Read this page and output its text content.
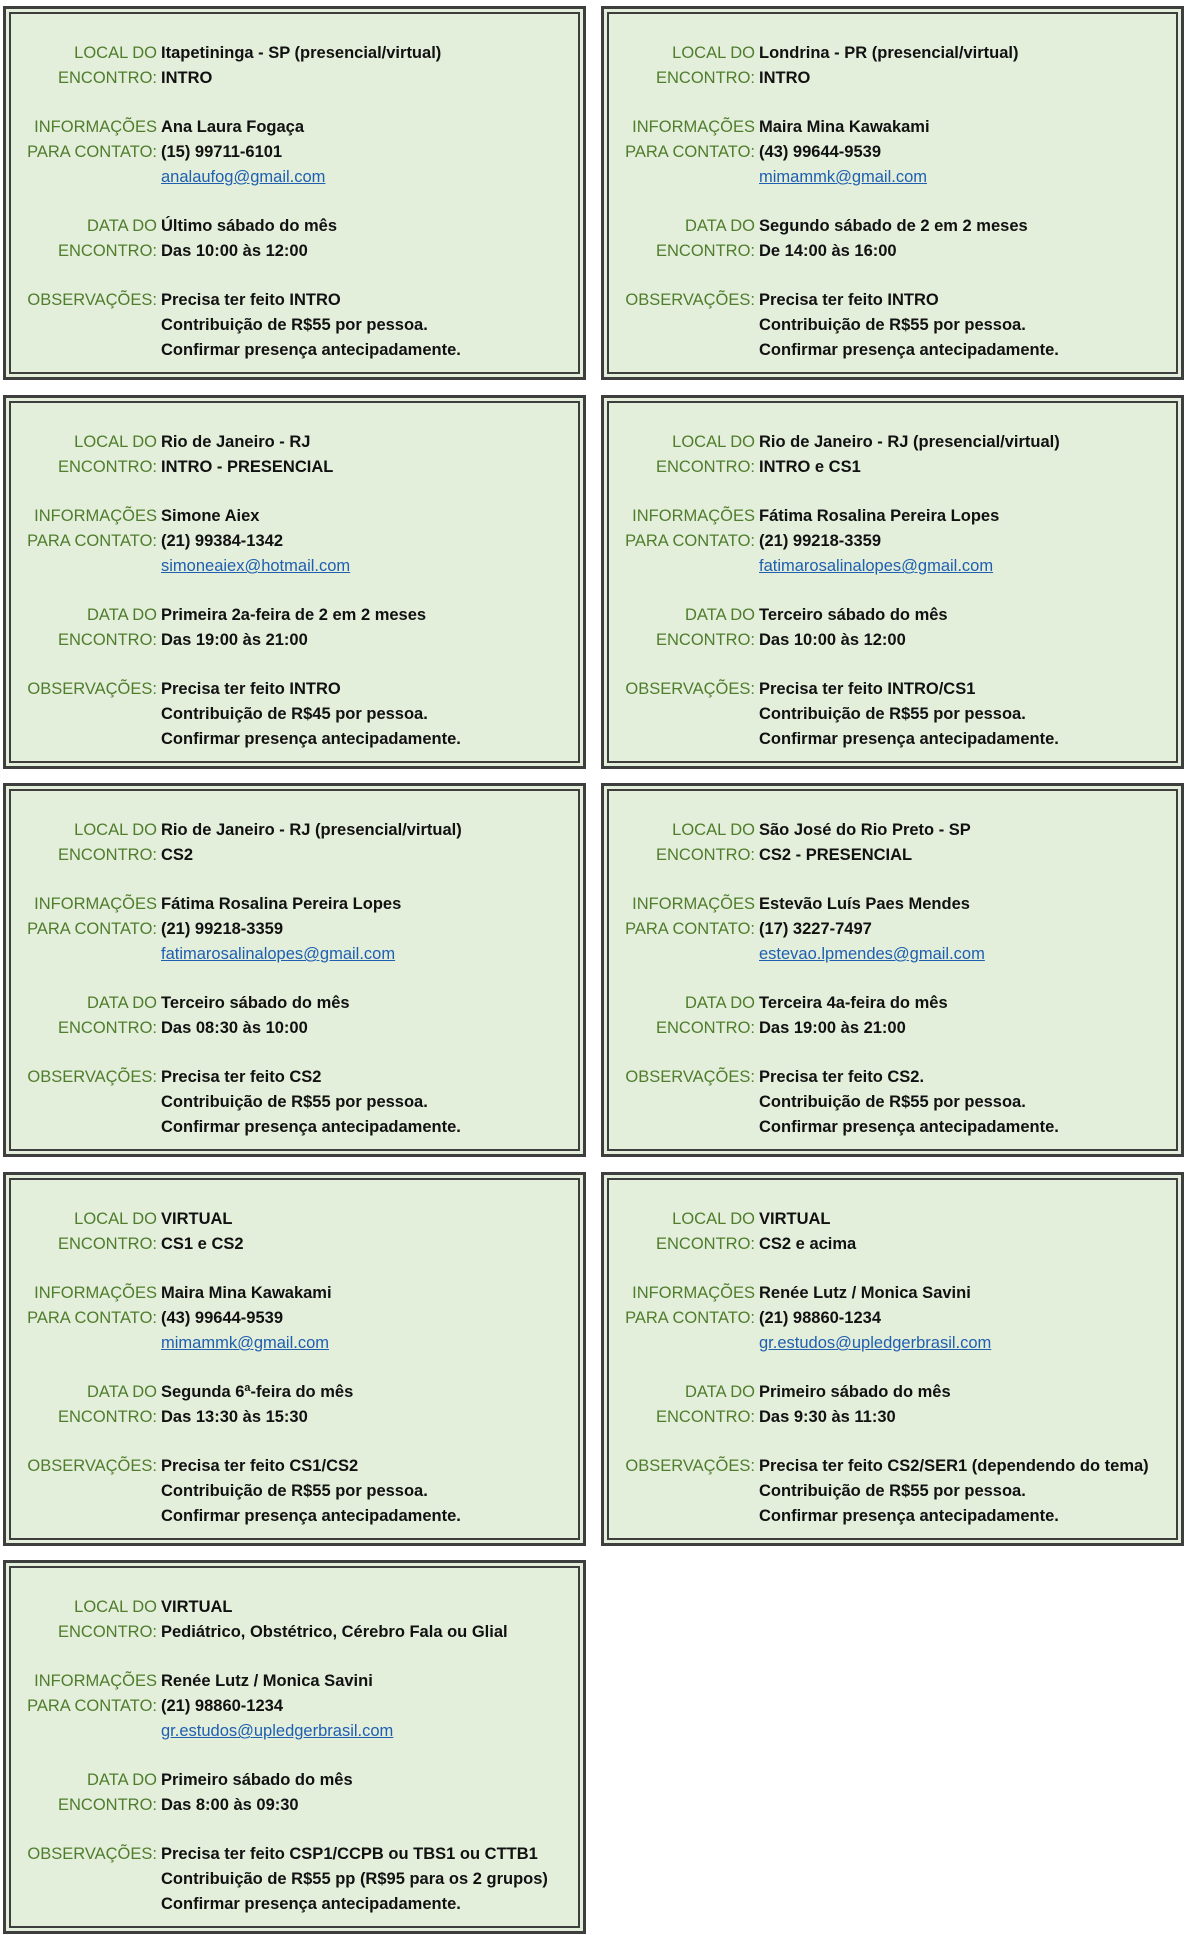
LOCAL DO Itapetininga - SP (presencial/virtual)
ENCONTRO: INTRO
INFORMAÇÕES Ana Laura Fogaça
PARA CONTATO: (15) 99711-6101
analaufog@gmail.com
DATA DO Último sábado do mês
ENCONTRO: Das 10:00 às 12:00
OBSERVAÇÕES: Precisa ter feito INTRO
Contribuição de R$55 por pessoa.
Confirmar presença antecipadamente.
LOCAL DO Londrina - PR (presencial/virtual)
ENCONTRO: INTRO
INFORMAÇÕES Maira Mina Kawakami
PARA CONTATO: (43) 99644-9539
mimammk@gmail.com
DATA DO Segundo sábado de 2 em 2 meses
ENCONTRO: De 14:00 às 16:00
OBSERVAÇÕES: Precisa ter feito INTRO
Contribuição de R$55 por pessoa.
Confirmar presença antecipadamente.
LOCAL DO Rio de Janeiro - RJ
ENCONTRO: INTRO - PRESENCIAL
INFORMAÇÕES Simone Aiex
PARA CONTATO: (21) 99384-1342
simoneaiex@hotmail.com
DATA DO Primeira 2a-feira de 2 em 2 meses
ENCONTRO: Das 19:00 às 21:00
OBSERVAÇÕES: Precisa ter feito INTRO
Contribuição de R$45 por pessoa.
Confirmar presença antecipadamente.
LOCAL DO Rio de Janeiro - RJ (presencial/virtual)
ENCONTRO: INTRO e CS1
INFORMAÇÕES Fátima Rosalina Pereira Lopes
PARA CONTATO: (21) 99218-3359
fatimarosalinalopes@gmail.com
DATA DO Terceiro sábado do mês
ENCONTRO: Das 10:00 às 12:00
OBSERVAÇÕES: Precisa ter feito INTRO/CS1
Contribuição de R$55 por pessoa.
Confirmar presença antecipadamente.
LOCAL DO Rio de Janeiro - RJ (presencial/virtual)
ENCONTRO: CS2
INFORMAÇÕES Fátima Rosalina Pereira Lopes
PARA CONTATO: (21) 99218-3359
fatimarosalinalopes@gmail.com
DATA DO Terceiro sábado do mês
ENCONTRO: Das 08:30 às 10:00
OBSERVAÇÕES: Precisa ter feito CS2
Contribuição de R$55 por pessoa.
Confirmar presença antecipadamente.
LOCAL DO São José do Rio Preto - SP
ENCONTRO: CS2 - PRESENCIAL
INFORMAÇÕES Estevão Luís Paes Mendes
PARA CONTATO: (17) 3227-7497
estevao.lpmendes@gmail.com
DATA DO Terceira 4a-feira do mês
ENCONTRO: Das 19:00 às 21:00
OBSERVAÇÕES: Precisa ter feito CS2.
Contribuição de R$55 por pessoa.
Confirmar presença antecipadamente.
LOCAL DO VIRTUAL
ENCONTRO: CS1 e CS2
INFORMAÇÕES Maira Mina Kawakami
PARA CONTATO: (43) 99644-9539
mimammk@gmail.com
DATA DO Segunda 6ª-feira do mês
ENCONTRO: Das 13:30 às 15:30
OBSERVAÇÕES: Precisa ter feito CS1/CS2
Contribuição de R$55 por pessoa.
Confirmar presença antecipadamente.
LOCAL DO VIRTUAL
ENCONTRO: CS2 e acima
INFORMAÇÕES Renée Lutz / Monica Savini
PARA CONTATO: (21) 98860-1234
gr.estudos@upledgerbrasil.com
DATA DO Primeiro sábado do mês
ENCONTRO: Das 9:30 às 11:30
OBSERVAÇÕES: Precisa ter feito CS2/SER1 (dependendo do tema)
Contribuição de R$55 por pessoa.
Confirmar presença antecipadamente.
LOCAL DO VIRTUAL
ENCONTRO: Pediátrico, Obstétrico, Cérebro Fala ou Glial
INFORMAÇÕES Renée Lutz / Monica Savini
PARA CONTATO: (21) 98860-1234
gr.estudos@upledgerbrasil.com
DATA DO Primeiro sábado do mês
ENCONTRO: Das 8:00 às 09:30
OBSERVAÇÕES: Precisa ter feito CSP1/CCPB ou TBS1 ou CTTB1
Contribuição de R$55 pp (R$95 para os 2 grupos)
Confirmar presença antecipadamente.
